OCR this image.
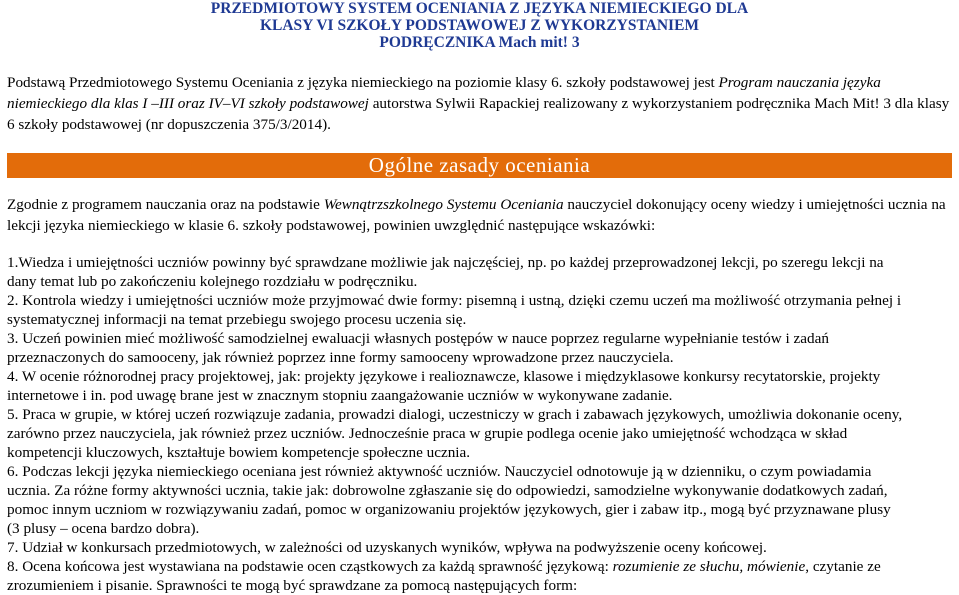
PRZEDMIOTOWY SYSTEM OCENIANIA Z JĘZYKA NIEMIECKIEGO DLA
KLASY VI SZKOŁY PODSTAWOWEJ Z WYKORZYSTANIEM
PODRĘCZNIKA Mach mit! 3
Podstawą Przedmiotowego Systemu Oceniania z języka niemieckiego na poziomie klasy 6. szkoły podstawowej jest Program nauczania języka
niemieckiego dla klas I –III oraz IV–VI szkoły podstawowej autorstwa Sylwii Rapackiej realizowany z wykorzystaniem podręcznika Mach Mit! 3 dla klasy
6 szkoły podstawowej (nr dopuszczenia 375/3/2014).
Ogólne zasady oceniania
Zgodnie z programem nauczania oraz na podstawie Wewnątrzszkolnego Systemu Oceniania nauczyciel dokonujący oceny wiedzy i umiejętności ucznia na
lekcji języka niemieckiego w klasie 6. szkoły podstawowej, powinien uwzględnić następujące wskazówki:
1.Wiedza i umiejętności uczniów powinny być sprawdzane możliwie jak najczęściej, np. po każdej przeprowadzonej lekcji, po szeregu lekcji na
dany temat lub po zakończeniu kolejnego rozdziału w podręczniku.
2. Kontrola wiedzy i umiejętności uczniów może przyjmować dwie formy: pisemną i ustną, dzięki czemu uczeń ma możliwość otrzymania pełnej i
systematycznej informacji na temat przebiegu swojego procesu uczenia się.
3. Uczeń powinien mieć możliwość samodzielnej ewaluacji własnych postępów w nauce poprzez regularne wypełnianie testów i zadań
przeznaczonych do samooceny, jak również poprzez inne formy samooceny wprowadzone przez nauczyciela.
4. W ocenie różnorodnej pracy projektowej, jak: projekty językowe i realioznawcze, klasowe i międzyklasowe konkursy recytatorskie, projekty
internetowe i in. pod uwagę brane jest w znacznym stopniu zaangażowanie uczniów w wykonywane zadanie.
5. Praca w grupie, w której uczeń rozwiązuje zadania, prowadzi dialogi, uczestniczy w grach i zabawach językowych, umożliwia dokonanie oceny,
zarówno przez nauczyciela, jak również przez uczniów. Jednocześnie praca w grupie podlega ocenie jako umiejętność wchodząca w skład
kompetencji kluczowych, kształtuje bowiem kompetencje społeczne ucznia.
6. Podczas lekcji języka niemieckiego oceniana jest również aktywność uczniów. Nauczyciel odnotowuje ją w dzienniku, o czym powiadamia
ucznia. Za różne formy aktywności ucznia, takie jak: dobrowolne zgłaszanie się do odpowiedzi, samodzielne wykonywanie dodatkowych zadań,
pomoc innym uczniom w rozwiązywaniu zadań, pomoc w organizowaniu projektów językowych, gier i zabaw itp., mogą być przyznawane plusy
(3 plusy – ocena bardzo dobra).
7. Udział w konkursach przedmiotowych, w zależności od uzyskanych wyników, wpływa na podwyższenie oceny końcowej.
8. Ocena końcowa jest wystawiana na podstawie ocen cząstkowych za każdą sprawność językową: rozumienie ze słuchu, mówienie, czytanie ze
zrozumieniem i pisanie. Sprawności te mogą być sprawdzane za pomocą następujących form:
